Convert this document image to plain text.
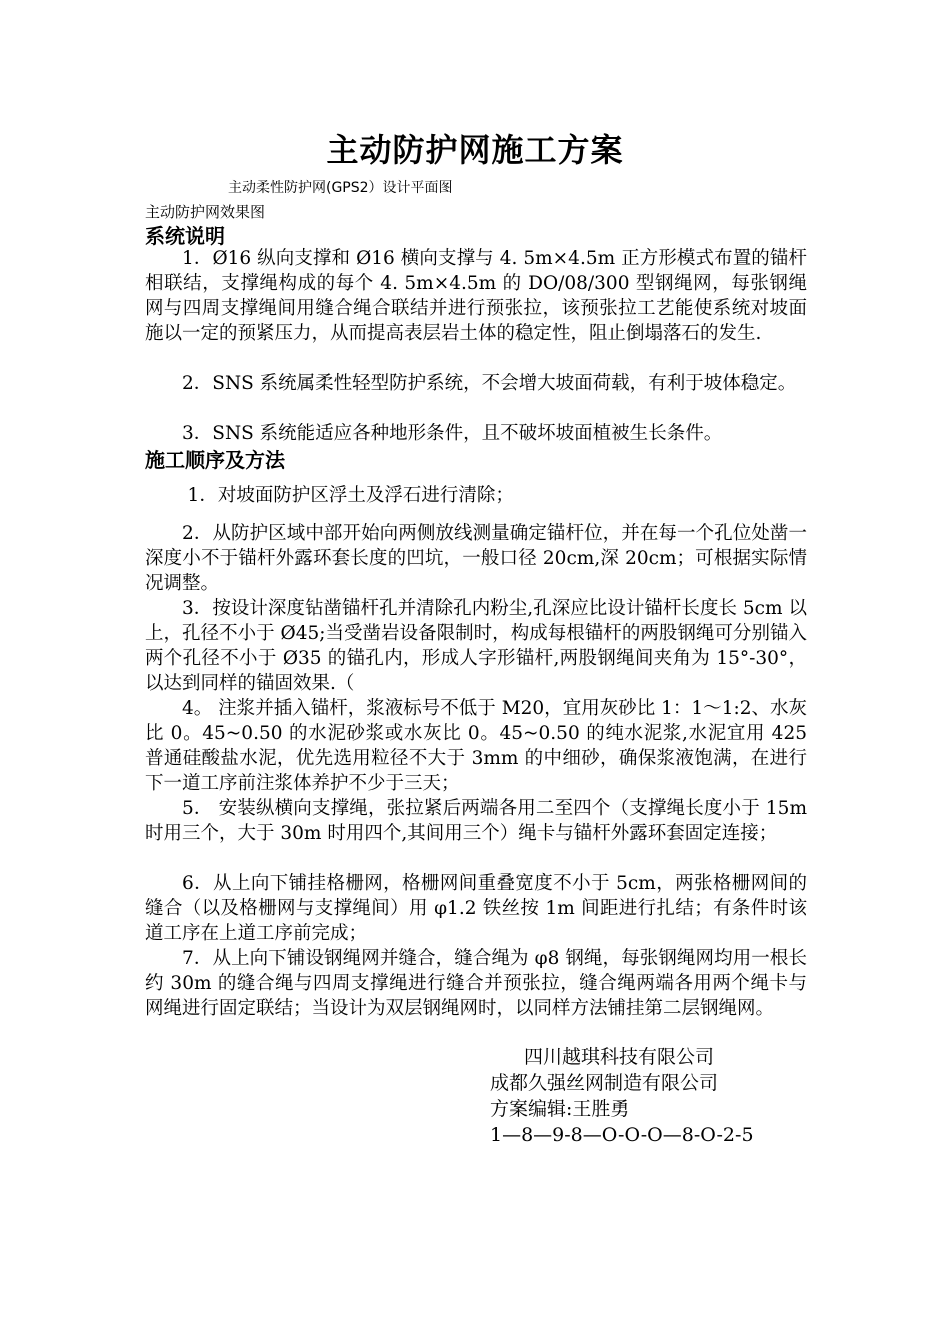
主动防护网施工方案
主动柔性防护网(GPS2）设计平面图
主动防护网效果图
系统说明
1．Ø16 纵向支撑和 Ø16 横向支撑与 4. 5m×4.5m 正方形模式布置的锚杆相联结，支撑绳构成的每个 4. 5m×4.5m 的 DO/08/300 型钢绳网，每张钢绳网与四周支撑绳间用缝合绳合联结并进行预张拉，该预张拉工艺能使系统对坡面施以一定的预紧压力，从而提高表层岩土体的稳定性，阻止倒塌落石的发生.
2．SNS 系统属柔性轻型防护系统，不会增大坡面荷载，有利于坡体稳定。
3．SNS 系统能适应各种地形条件，且不破坏坡面植被生长条件。
施工顺序及方法
1．对坡面防护区浮土及浮石进行清除；
2．从防护区域中部开始向两侧放线测量确定锚杆位，并在每一个孔位处凿一深度小不于锚杆外露环套长度的凹坑，一般口径 20cm,深 20cm；可根据实际情况调整。
3．按设计深度钻凿锚杆孔并清除孔内粉尘,孔深应比设计锚杆长度长 5cm 以上，孔径不小于 Ø45;当受凿岩设备限制时，构成每根锚杆的两股钢绳可分别锚入两个孔径不小于 Ø35 的锚孔内，形成人字形锚杆,两股钢绳间夹角为 15°-30°，以达到同样的锚固效果.（
4。 注浆并插入锚杆，浆液标号不低于 M20，宜用灰砂比 1：1～1:2、水灰比 0。45~0.50 的水泥砂浆或水灰比 0。45~0.50 的纯水泥浆,水泥宜用 425 普通硅酸盐水泥，优先选用粒径不大于 3mm 的中细砂，确保浆液饱满，在进行下一道工序前注浆体养护不少于三天；
5． 安装纵横向支撑绳，张拉紧后两端各用二至四个（支撑绳长度小于 15m 时用三个，大于 30m 时用四个,其间用三个）绳卡与锚杆外露环套固定连接；
6．从上向下铺挂格栅网，格栅网间重叠宽度不小于 5cm，两张格栅网间的缝合（以及格栅网与支撑绳间）用 φ1.2 铁丝按 1m 间距进行扎结；有条件时该道工序在上道工序前完成；
7．从上向下铺设钢绳网并缝合，缝合绳为 φ8 钢绳，每张钢绳网均用一根长约 30m 的缝合绳与四周支撑绳进行缝合并预张拉，缝合绳两端各用两个绳卡与网绳进行固定联结；当设计为双层钢绳网时，以同样方法铺挂第二层钢绳网。
四川越琪科技有限公司
成都久强丝网制造有限公司
方案编辑:王胜勇
1—8—9-8—O-O-O—8-O-2-5
